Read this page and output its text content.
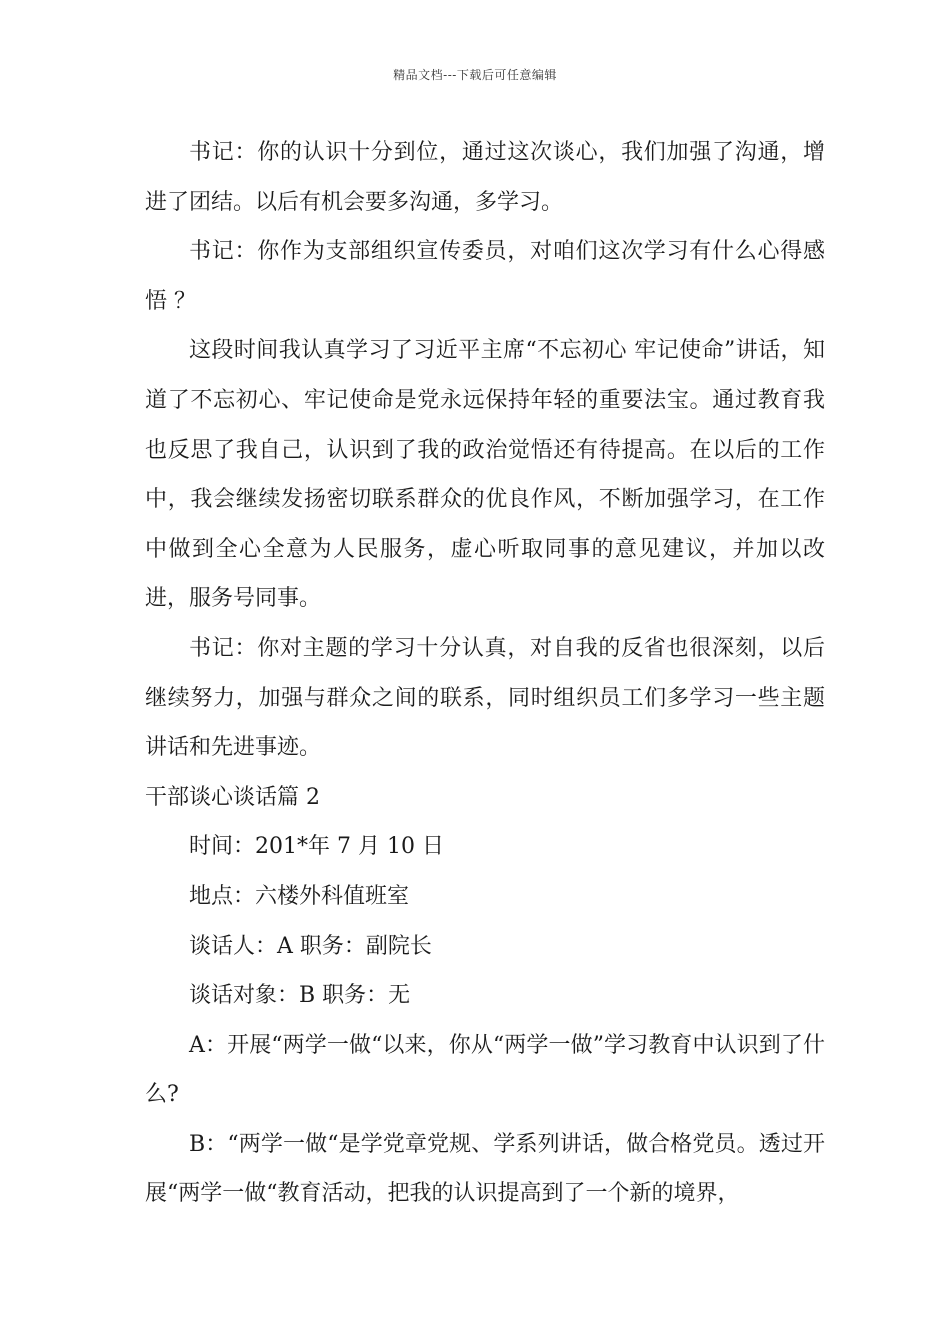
精品文档---下载后可任意编辑

书记：你的认识十分到位，通过这次谈心，我们加强了沟通，增进了团结。以后有机会要多沟通，多学习。

书记：你作为支部组织宣传委员，对咱们这次学习有什么心得感悟 ？

这段时间我认真学习了习近平主席“不忘初心 牢记使命”讲话，知道了不忘初心、牢记使命是党永远保持年轻的重要法宝。通过教育我也反思了我自己，认识到了我的政治觉悟还有待提高。在以后的工作中，我会继续发扬密切联系群众的优良作风，不断加强学习，在工作中做到全心全意为人民服务，虚心听取同事的意见建议，并加以改进，服务号同事。

书记：你对主题的学习十分认真，对自我的反省也很深刻，以后继续努力，加强与群众之间的联系，同时组织员工们多学习一些主题讲话和先进事迹。

干部谈心谈话篇 2

时间：201*年 7 月 10 日

地点：六楼外科值班室

谈话人：A 职务：副院长

谈话对象：B 职务：无

A：开展“两学一做“以来，你从“两学一做”学习教育中认识到了什么?

B：“两学一做“是学党章党规、学系列讲话，做合格党员。透过开展“两学一做“教育活动，把我的认识提高到了一个新的境界，
